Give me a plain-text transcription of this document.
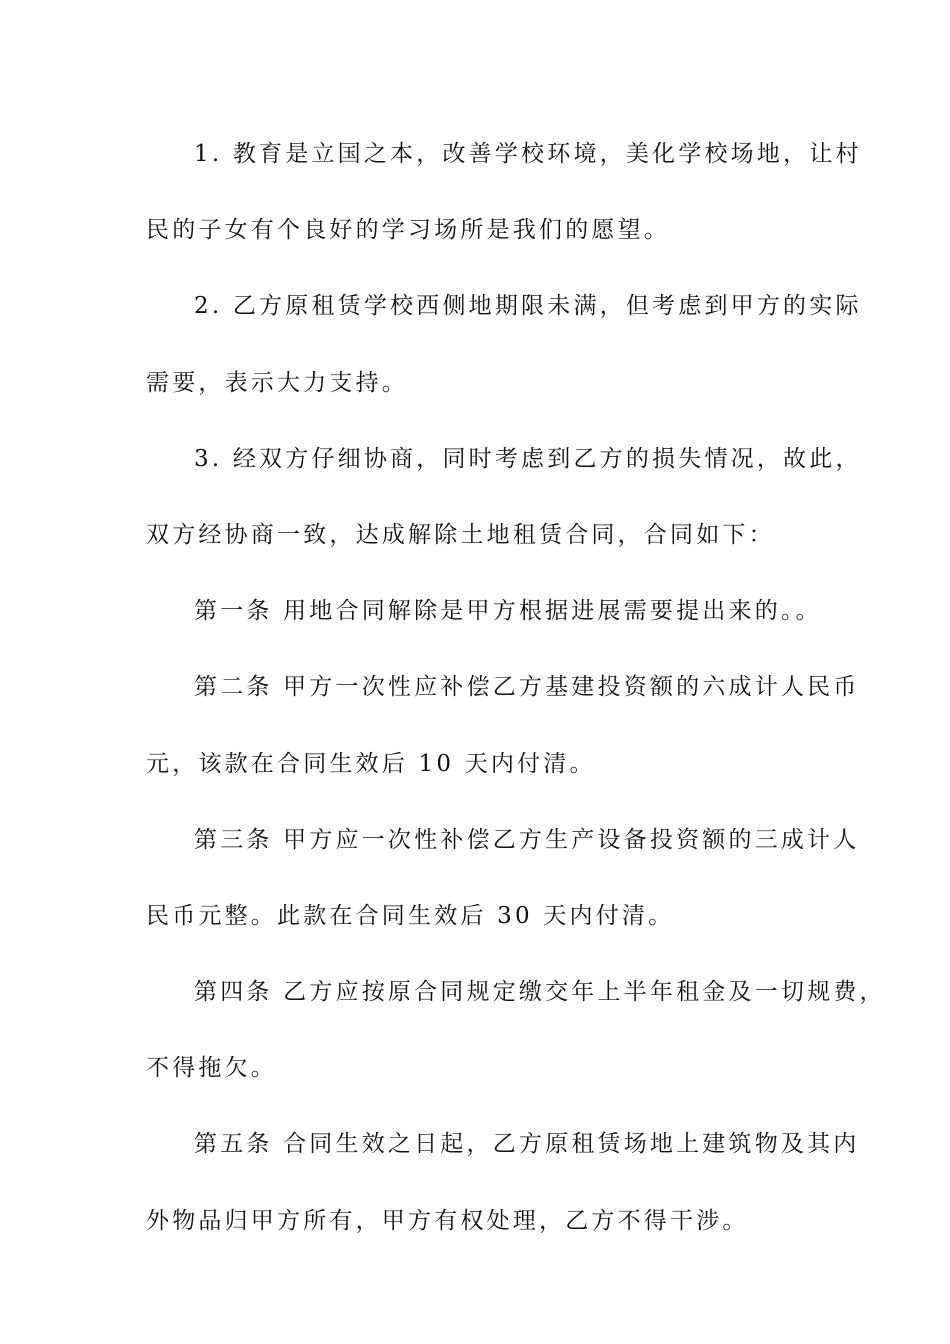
1. 教育是立国之本，改善学校环境，美化学校场地，让村
民的子女有个良好的学习场所是我们的愿望。
2. 乙方原租赁学校西侧地期限未满，但考虑到甲方的实际
需要，表示大力支持。
3. 经双方仔细协商，同时考虑到乙方的损失情况，故此，
双方经协商一致，达成解除土地租赁合同，合同如下：
第一条 用地合同解除是甲方根据进展需要提出来的。。
第二条 甲方一次性应补偿乙方基建投资额的六成计人民币
元，该款在合同生效后 10 天内付清。
第三条 甲方应一次性补偿乙方生产设备投资额的三成计人
民币元整。此款在合同生效后 30 天内付清。
第四条 乙方应按原合同规定缴交年上半年租金及一切规费，
不得拖欠。
第五条 合同生效之日起，乙方原租赁场地上建筑物及其内
外物品归甲方所有，甲方有权处理，乙方不得干涉。
